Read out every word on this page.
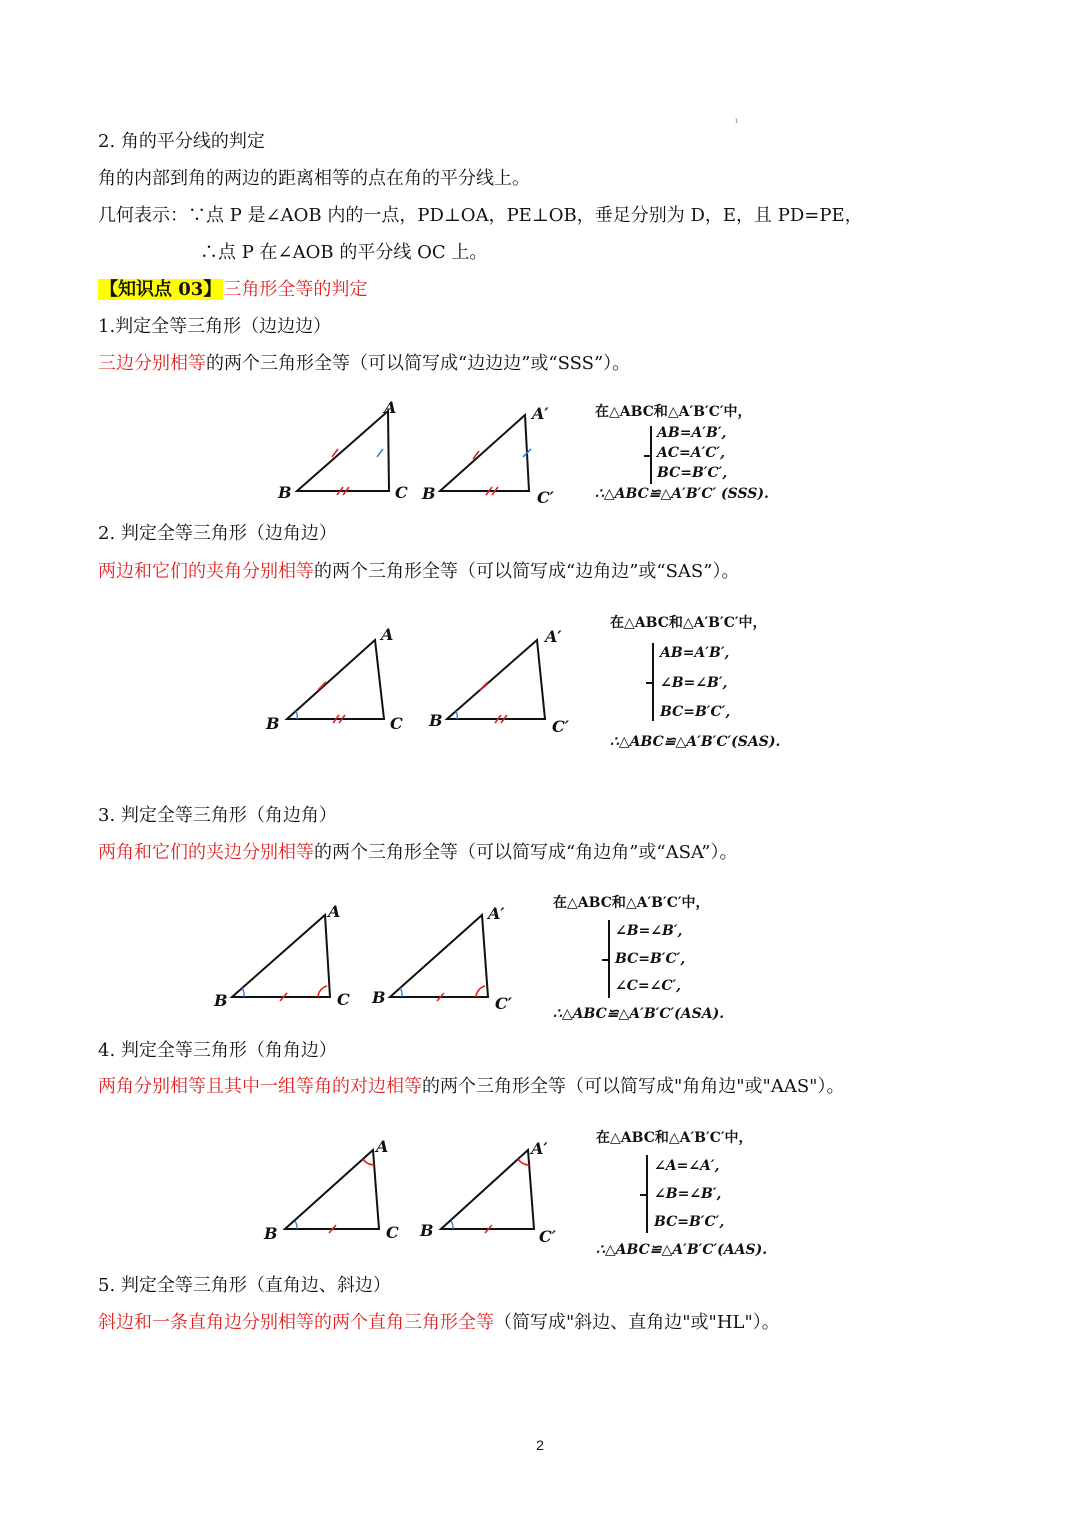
ı
2. 角的平分线的判定
角的内部到角的两边的距离相等的点在角的平分线上。
几何表示：∵点 P 是∠AOB 内的一点，PD⊥OA，PE⊥OB，垂足分别为 D，E，且 PD=PE，
∴点 P 在∠AOB 的平分线 OC 上。
【知识点 03】 三角形全等的判定
1.判定全等三角形（边边边）
三边分别相等的两个三角形全等（可以简写成“边边边”或“SSS”）。
A
B	C
A′
B	C′
在△ABC和△A′B′C′中，
AB=A′B′,
AC=A′C′,
BC=B′C′,
∴△ABC≌△A′B′C′ (SSS).
2. 判定全等三角形（边角边）
两边和它们的夹角分别相等的两个三角形全等（可以简写成“边角边”或“SAS”）。
A
B	C
A′
B	C′
在△ABC和△A′B′C′中，
AB=A′B′,
∠B=∠B′,
BC=B′C′,
∴△ABC≌△A′B′C′(SAS).
3. 判定全等三角形（角边角）
两角和它们的夹边分别相等的两个三角形全等（可以简写成“角边角”或“ASA”）。
A
B	C
A′
B	C′
在△ABC和△A′B′C′中，
∠B=∠B′,
BC=B′C′,
∠C=∠C′,
∴△ABC≌△A′B′C′(ASA).
4. 判定全等三角形（角角边）
两角分别相等且其中一组等角的对边相等的两个三角形全等（可以简写成"角角边"或"AAS"）。
A
B	C
A′
B	C′
在△ABC和△A′B′C′中，
∠A=∠A′,
∠B=∠B′,
BC=B′C′,
∴△ABC≌△A′B′C′(AAS).
5. 判定全等三角形（直角边、斜边）
斜边和一条直角边分别相等的两个直角三角形全等（简写成"斜边、直角边"或"HL"）。
2
